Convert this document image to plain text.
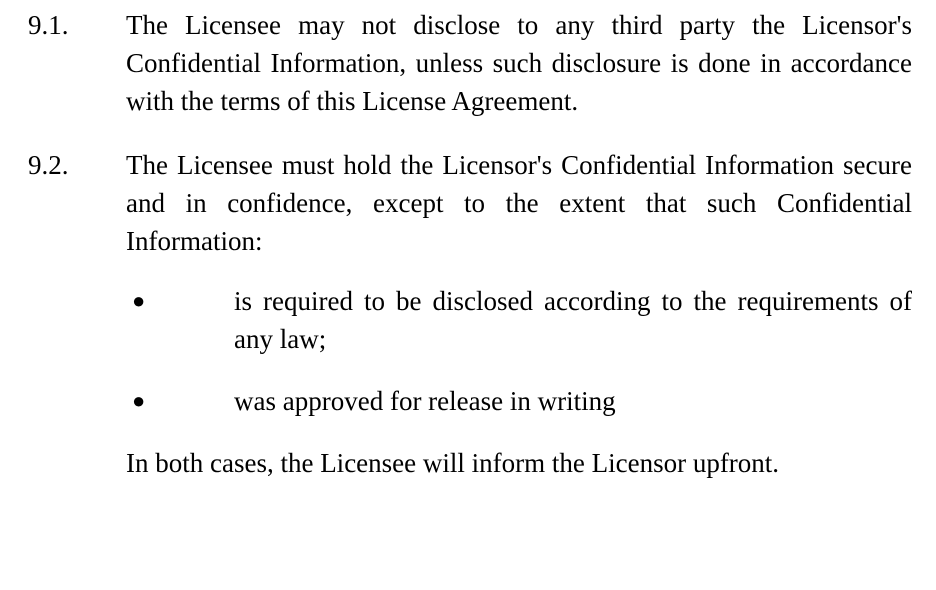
9.1.	The Licensee may not disclose to any third party the Licensor's Confidential Information, unless such disclosure is done in accordance with the terms of this License Agreement.
9.2.	The Licensee must hold the Licensor's Confidential Information secure and in confidence, except to the extent that such Confidential Information:
●	is required to be disclosed according to the requirements of any law;
●	was approved for release in writing

In both cases, the Licensee will inform the Licensor upfront.
